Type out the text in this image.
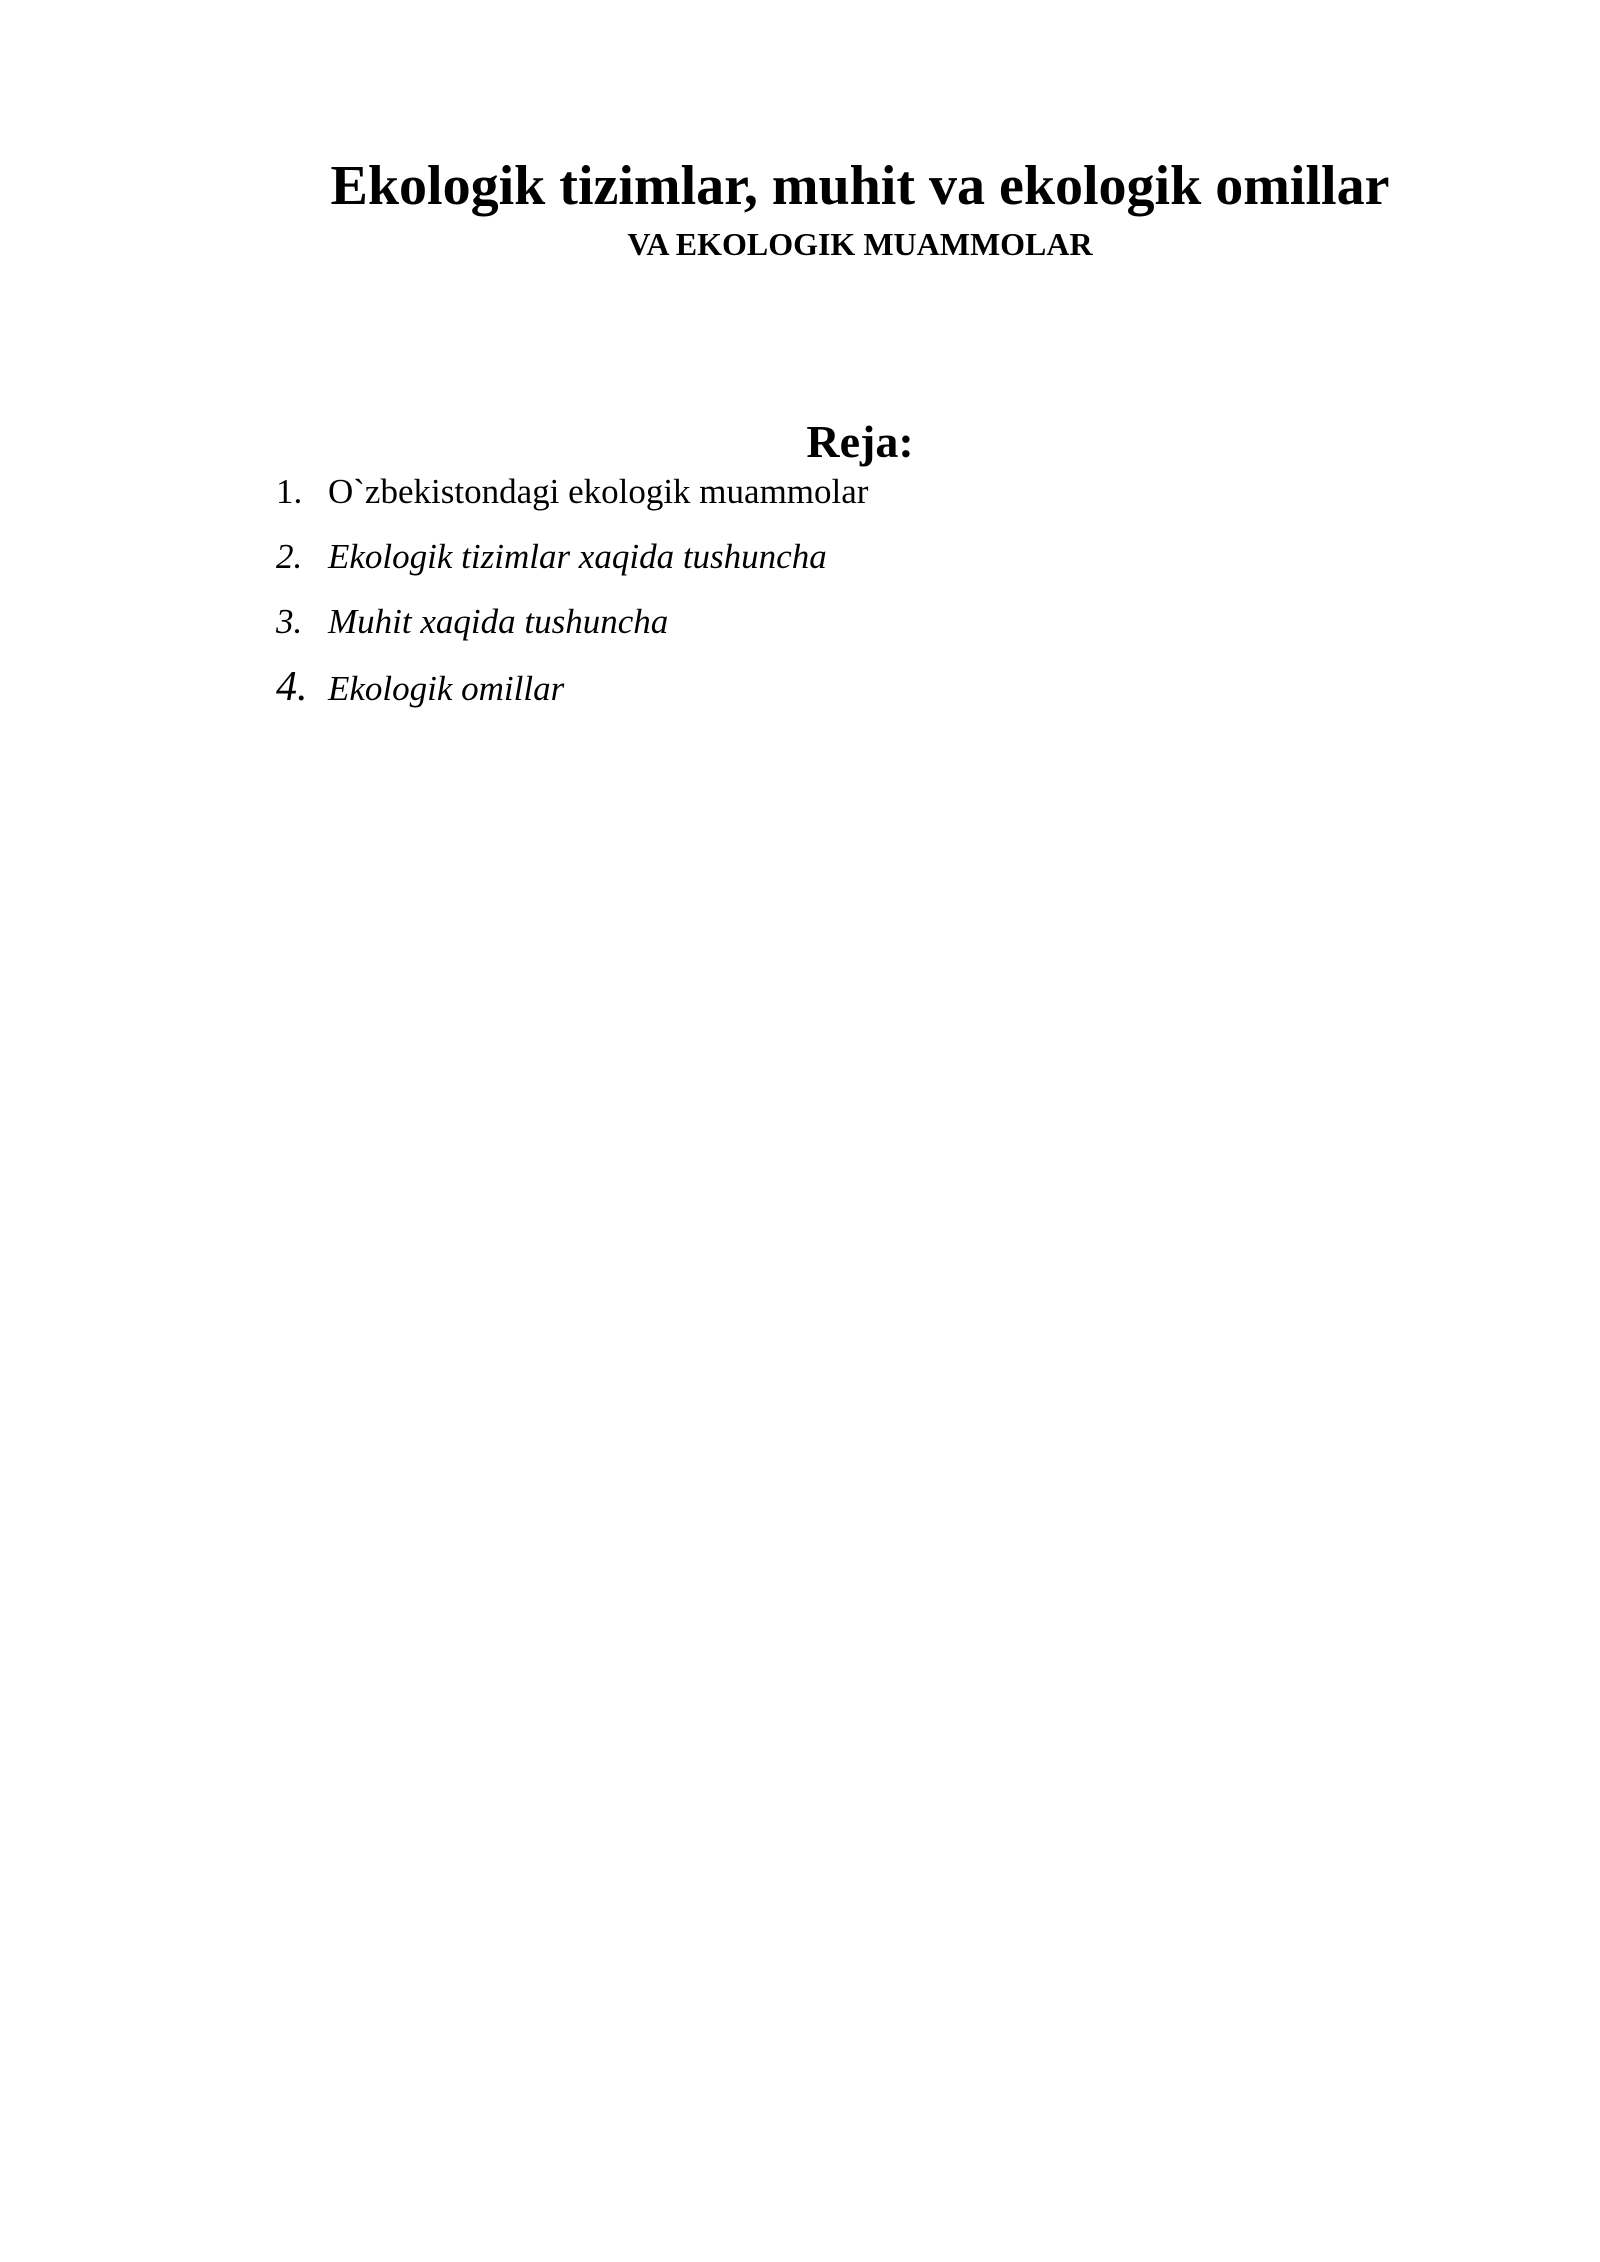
Ekologik tizimlar, muhit va ekologik omillar
VA EKOLOGIK MUAMMOLAR
Reja:
1. O`zbekistondagi ekologik muammolar
2. Ekologik tizimlar xaqida tushuncha
3. Muhit xaqida tushuncha
4. Ekologik omillar
